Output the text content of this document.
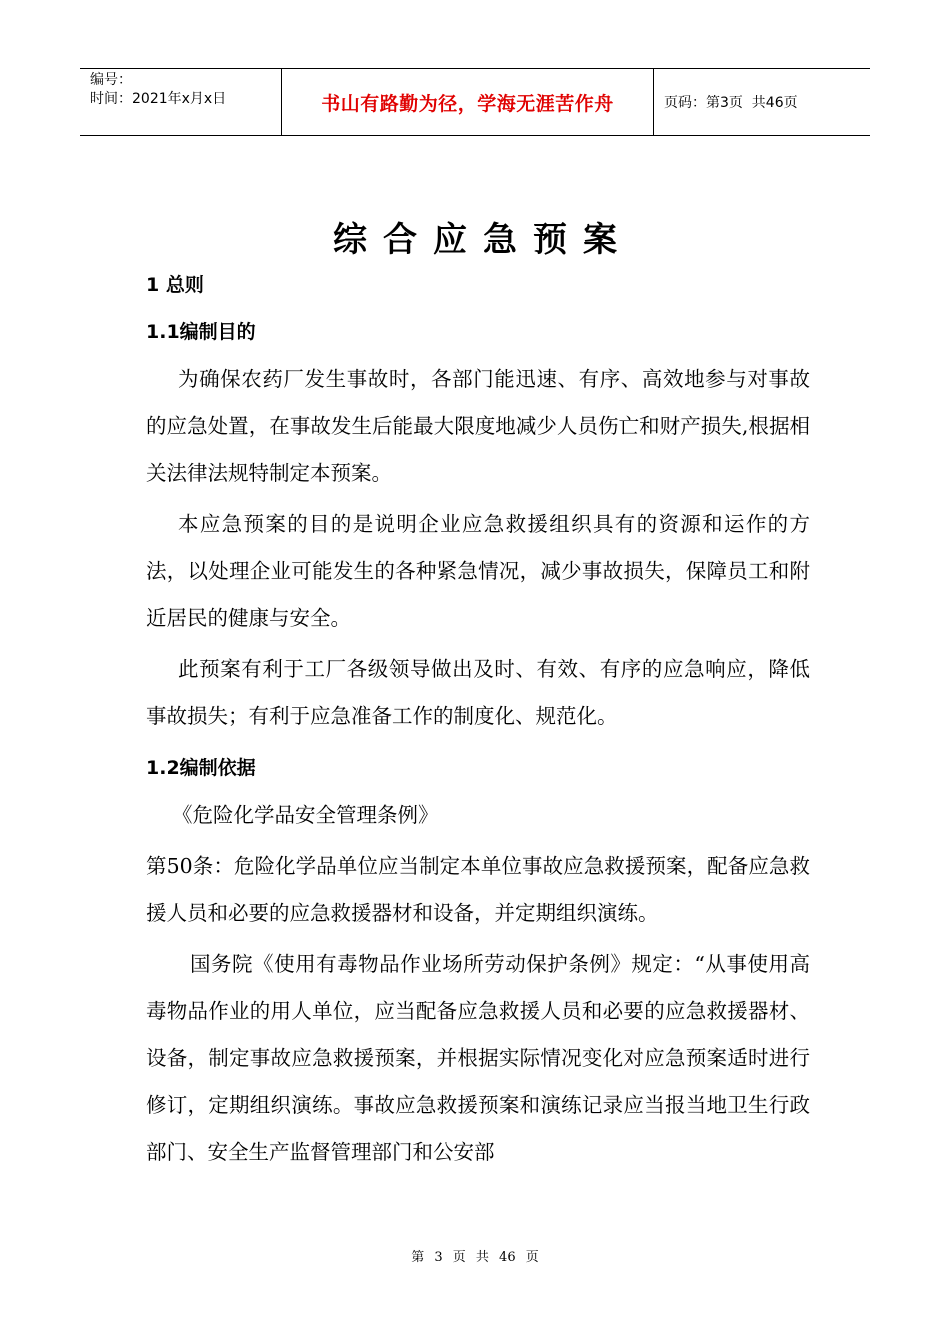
编号：
时间：2021年x月x日	书山有路勤为径，学海无涯苦作舟	页码：第3页  共46页
综合应急预案

1 总则

1.1编制目的

为确保农药厂发生事故时，各部门能迅速、有序、高效地参与对事故的应急处置，在事故发生后能最大限度地减少人员伤亡和财产损失,根据相关法律法规特制定本预案。

本应急预案的目的是说明企业应急救援组织具有的资源和运作的方法，以处理企业可能发生的各种紧急情况，减少事故损失，保障员工和附近居民的健康与安全。

此预案有利于工厂各级领导做出及时、有效、有序的应急响应，降低事故损失；有利于应急准备工作的制度化、规范化。

1.2编制依据

《危险化学品安全管理条例》

第50条：危险化学品单位应当制定本单位事故应急救援预案，配备应急救援人员和必要的应急救援器材和设备，并定期组织演练。

国务院《使用有毒物品作业场所劳动保护条例》规定：“从事使用高毒物品作业的用人单位，应当配备应急救援人员和必要的应急救援器材、设备，制定事故应急救援预案，并根据实际情况变化对应急预案适时进行修订，定期组织演练。事故应急救援预案和演练记录应当报当地卫生行政部门、安全生产监督管理部门和公安部

第 3 页 共 46 页
